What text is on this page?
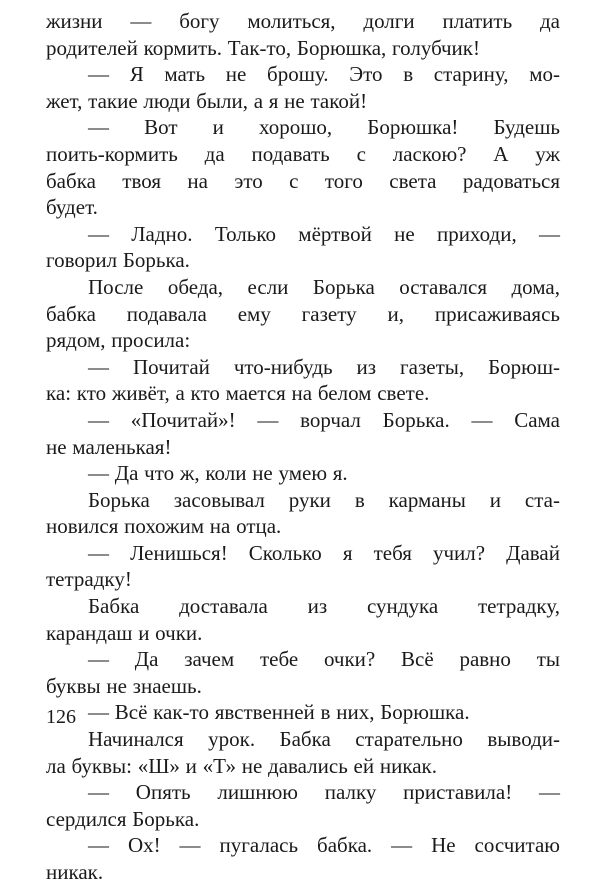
жизни — богу молиться, долги платить да
родителей кормить. Так-то, Борюшка, голубчик!
— Я мать не брошу. Это в старину, мо-
жет, такие люди были, а я не такой!
— Вот и хорошо, Борюшка! Будешь
поить-кормить да подавать с ласкою? А уж
бабка твоя на это с того света радоваться
будет.
— Ладно. Только мёртвой не приходи, —
говорил Борька.
После обеда, если Борька оставался дома,
бабка подавала ему газету и, присаживаясь
рядом, просила:
— Почитай что-нибудь из газеты, Борюш-
ка: кто живёт, а кто мается на белом свете.
— «Почитай»! — ворчал Борька. — Сама
не маленькая!
— Да что ж, коли не умею я.
Борька засовывал руки в карманы и ста-
новился похожим на отца.
— Ленишься! Сколько я тебя учил? Давай
тетрадку!
Бабка доставала из сундука тетрадку,
карандаш и очки.
— Да зачем тебе очки? Всё равно ты
буквы не знаешь.
— Всё как-то явственней в них, Борюшка.
Начинался урок. Бабка старательно выводи-
ла буквы: «Ш» и «Т» не давались ей никак.
— Опять лишнюю палку приставила! —
сердился Борька.
— Ох! — пугалась бабка. — Не сосчитаю
никак.
126
